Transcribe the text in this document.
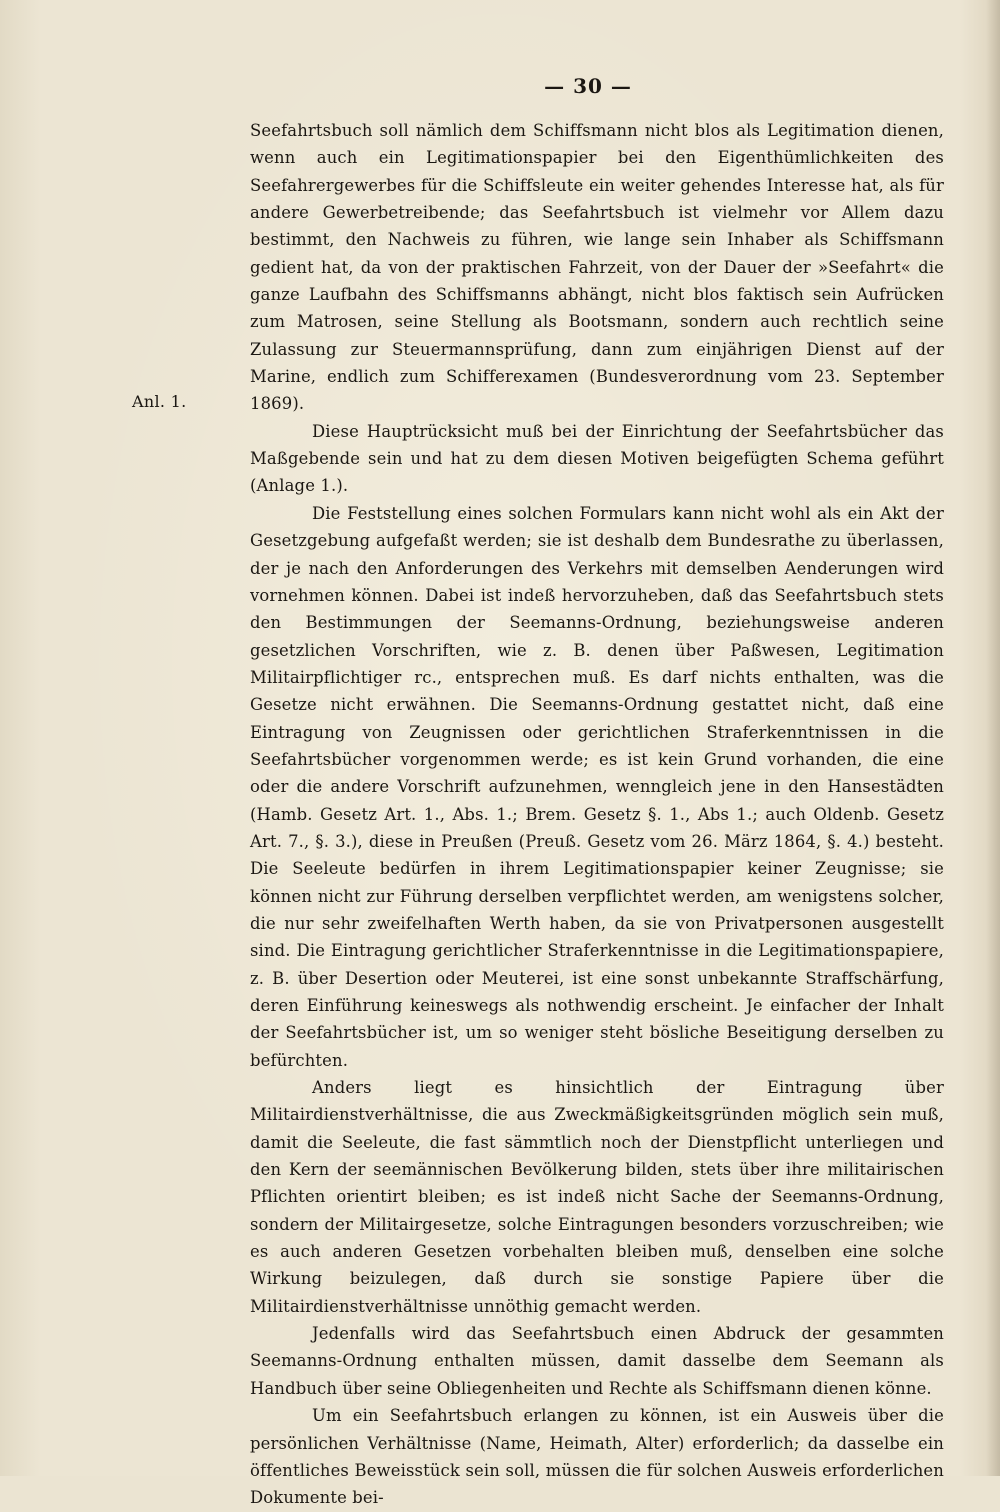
— 30 —
Anl. 1.

Seefahrtsbuch soll nämlich dem Schiffsmann nicht blos als Legitimation dienen, wenn auch ein Legitimationspapier bei den Eigenthümlichkeiten des Seefahrergewerbes für die Schiffsleute ein weiter gehendes Interesse hat, als für andere Gewerbetreibende; das Seefahrtsbuch ist vielmehr vor Allem dazu bestimmt, den Nachweis zu führen, wie lange sein Inhaber als Schiffsmann gedient hat, da von der praktischen Fahrzeit, von der Dauer der »Seefahrt« die ganze Laufbahn des Schiffsmanns abhängt, nicht blos faktisch sein Aufrücken zum Matrosen, seine Stellung als Bootsmann, sondern auch rechtlich seine Zulassung zur Steuermannsprüfung, dann zum einjährigen Dienst auf der Marine, endlich zum Schifferexamen (Bundesverordnung vom 23. September 1869).

Diese Hauptrücksicht muß bei der Einrichtung der Seefahrtsbücher das Maßgebende sein und hat zu dem diesen Motiven beigefügten Schema geführt (Anlage 1.).

Die Feststellung eines solchen Formulars kann nicht wohl als ein Akt der Gesetzgebung aufgefaßt werden; sie ist deshalb dem Bundesrathe zu überlassen, der je nach den Anforderungen des Verkehrs mit demselben Aenderungen wird vornehmen können. Dabei ist indeß hervorzuheben, daß das Seefahrtsbuch stets den Bestimmungen der Seemanns-Ordnung, beziehungsweise anderen gesetzlichen Vorschriften, wie z. B. denen über Paßwesen, Legitimation Militairpflichtiger rc., entsprechen muß. Es darf nichts enthalten, was die Gesetze nicht erwähnen. Die Seemanns-Ordnung gestattet nicht, daß eine Eintragung von Zeugnissen oder gerichtlichen Straferkenntnissen in die Seefahrtsbücher vorgenommen werde; es ist kein Grund vorhanden, die eine oder die andere Vorschrift aufzunehmen, wenngleich jene in den Hansestädten (Hamb. Gesetz Art. 1., Abs. 1.; Brem. Gesetz §. 1., Abs 1.; auch Oldenb. Gesetz Art. 7., §. 3.), diese in Preußen (Preuß. Gesetz vom 26. März 1864, §. 4.) besteht. Die Seeleute bedürfen in ihrem Legitimationspapier keiner Zeugnisse; sie können nicht zur Führung derselben verpflichtet werden, am wenigstens solcher, die nur sehr zweifelhaften Werth haben, da sie von Privatpersonen ausgestellt sind. Die Eintragung gerichtlicher Straferkenntnisse in die Legitimationspapiere, z. B. über Desertion oder Meuterei, ist eine sonst unbekannte Straffschärfung, deren Einführung keineswegs als nothwendig erscheint. Je einfacher der Inhalt der Seefahrtsbücher ist, um so weniger steht bösliche Beseitigung derselben zu befürchten.

Anders liegt es hinsichtlich der Eintragung über Militairdienstverhältnisse, die aus Zweckmäßigkeitsgründen möglich sein muß, damit die Seeleute, die fast sämmtlich noch der Dienstpflicht unterliegen und den Kern der seemännischen Bevölkerung bilden, stets über ihre militairischen Pflichten orientirt bleiben; es ist indeß nicht Sache der Seemanns-Ordnung, sondern der Militairgesetze, solche Eintragungen besonders vorzuschreiben; wie es auch anderen Gesetzen vorbehalten bleiben muß, denselben eine solche Wirkung beizulegen, daß durch sie sonstige Papiere über die Militairdienstverhältnisse unnöthig gemacht werden.

Jedenfalls wird das Seefahrtsbuch einen Abdruck der gesammten Seemanns-Ordnung enthalten müssen, damit dasselbe dem Seemann als Handbuch über seine Obliegenheiten und Rechte als Schiffsmann dienen könne.

Um ein Seefahrtsbuch erlangen zu können, ist ein Ausweis über die persönlichen Verhältnisse (Name, Heimath, Alter) erforderlich; da dasselbe ein öffentliches Beweisstück sein soll, müssen die für solchen Ausweis erforderlichen Dokumente bei-
